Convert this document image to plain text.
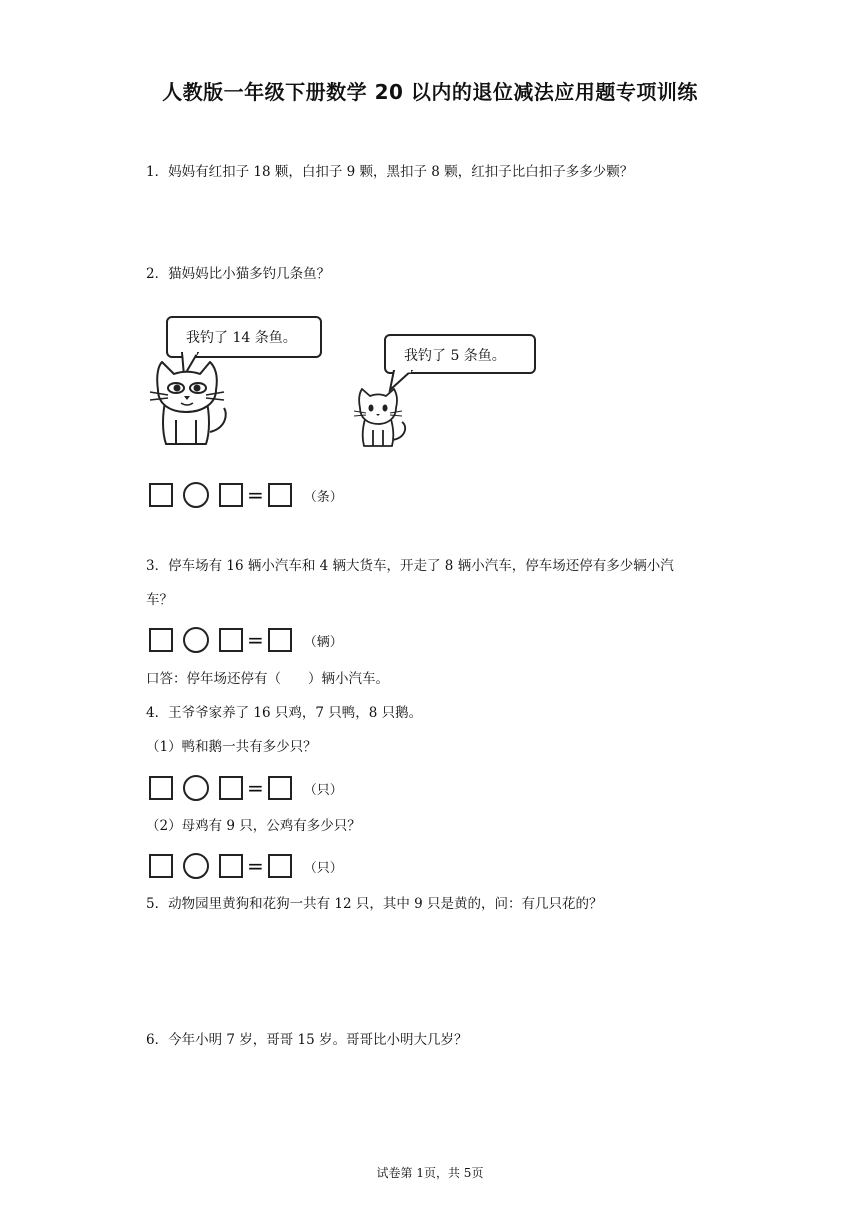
人教版一年级下册数学 20 以内的退位减法应用题专项训练
1．妈妈有红扣子 18 颗，白扣子 9 颗，黑扣子 8 颗，红扣子比白扣子多多少颗？
2．猫妈妈比小猫多钓几条鱼？
我钓了 14 条鱼。
我钓了 5 条鱼。
=	（条）
3．停车场有 16 辆小汽车和 4 辆大货车，开走了 8 辆小汽车，停车场还停有多少辆小汽
车？
=	（辆）
口答：停年场还停有（　　）辆小汽车。
4．王爷爷家养了 16 只鸡，7 只鸭，8 只鹅。
（1）鸭和鹅一共有多少只？
=	（只）
（2）母鸡有 9 只，公鸡有多少只？
=	（只）
5．动物园里黄狗和花狗一共有 12 只，其中 9 只是黄的，问：有几只花的？
6．今年小明 7 岁，哥哥 15 岁。哥哥比小明大几岁？
试卷第 1页，共 5页
